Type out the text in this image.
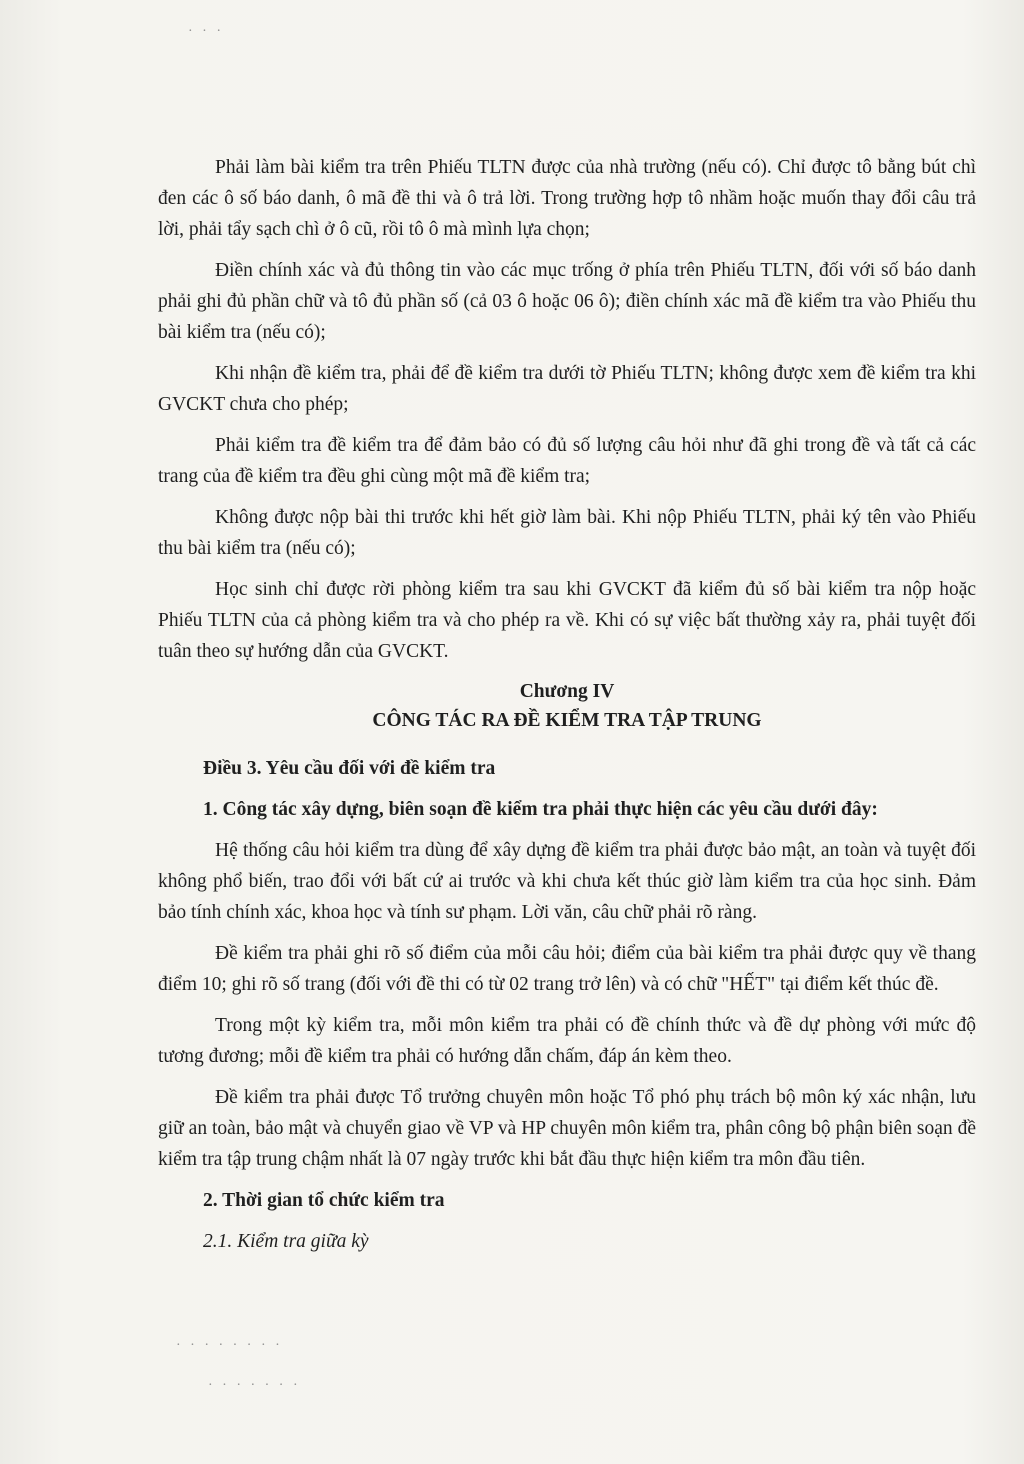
· · ·
· · · · · · · ·
· · · · · · ·

Phải làm bài kiểm tra trên Phiếu TLTN được của nhà trường (nếu có). Chỉ được tô bằng bút chì đen các ô số báo danh, ô mã đề thi và ô trả lời. Trong trường hợp tô nhầm hoặc muốn thay đổi câu trả lời, phải tẩy sạch chì ở ô cũ, rồi tô ô mà mình lựa chọn;

Điền chính xác và đủ thông tin vào các mục trống ở phía trên Phiếu TLTN, đối với số báo danh phải ghi đủ phần chữ và tô đủ phần số (cả 03 ô hoặc 06 ô); điền chính xác mã đề kiểm tra vào Phiếu thu bài kiểm tra (nếu có);

Khi nhận đề kiểm tra, phải để đề kiểm tra dưới tờ Phiếu TLTN; không được xem đề kiểm tra khi GVCKT chưa cho phép;

Phải kiểm tra đề kiểm tra để đảm bảo có đủ số lượng câu hỏi như đã ghi trong đề và tất cả các trang của đề kiểm tra đều ghi cùng một mã đề kiểm tra;

Không được nộp bài thi trước khi hết giờ làm bài. Khi nộp Phiếu TLTN, phải ký tên vào Phiếu thu bài kiểm tra (nếu có);

Học sinh chỉ được rời phòng kiểm tra sau khi GVCKT đã kiểm đủ số bài kiểm tra nộp hoặc Phiếu TLTN của cả phòng kiểm tra và cho phép ra về. Khi có sự việc bất thường xảy ra, phải tuyệt đối tuân theo sự hướng dẫn của GVCKT.

Chương IV
CÔNG TÁC RA ĐỀ KIỂM TRA TẬP TRUNG
Điều 3. Yêu cầu đối với đề kiểm tra
1. Công tác xây dựng, biên soạn đề kiểm tra phải thực hiện các yêu cầu dưới đây:

Hệ thống câu hỏi kiểm tra dùng để xây dựng đề kiểm tra phải được bảo mật, an toàn và tuyệt đối không phổ biến, trao đổi với bất cứ ai trước và khi chưa kết thúc giờ làm kiểm tra của học sinh. Đảm bảo tính chính xác, khoa học và tính sư phạm. Lời văn, câu chữ phải rõ ràng.

Đề kiểm tra phải ghi rõ số điểm của mỗi câu hỏi; điểm của bài kiểm tra phải được quy về thang điểm 10; ghi rõ số trang (đối với đề thi có từ 02 trang trở lên) và có chữ "HẾT" tại điểm kết thúc đề.

Trong một kỳ kiểm tra, mỗi môn kiểm tra phải có đề chính thức và đề dự phòng với mức độ tương đương; mỗi đề kiểm tra phải có hướng dẫn chấm, đáp án kèm theo.

Đề kiểm tra phải được Tổ trưởng chuyên môn hoặc Tổ phó phụ trách bộ môn ký xác nhận, lưu giữ an toàn, bảo mật và chuyển giao về VP và HP chuyên môn kiểm tra, phân công bộ phận biên soạn đề kiểm tra tập trung chậm nhất là 07 ngày trước khi bắt đầu thực hiện kiểm tra môn đầu tiên.

2. Thời gian tổ chức kiểm tra
2.1. Kiểm tra giữa kỳ
